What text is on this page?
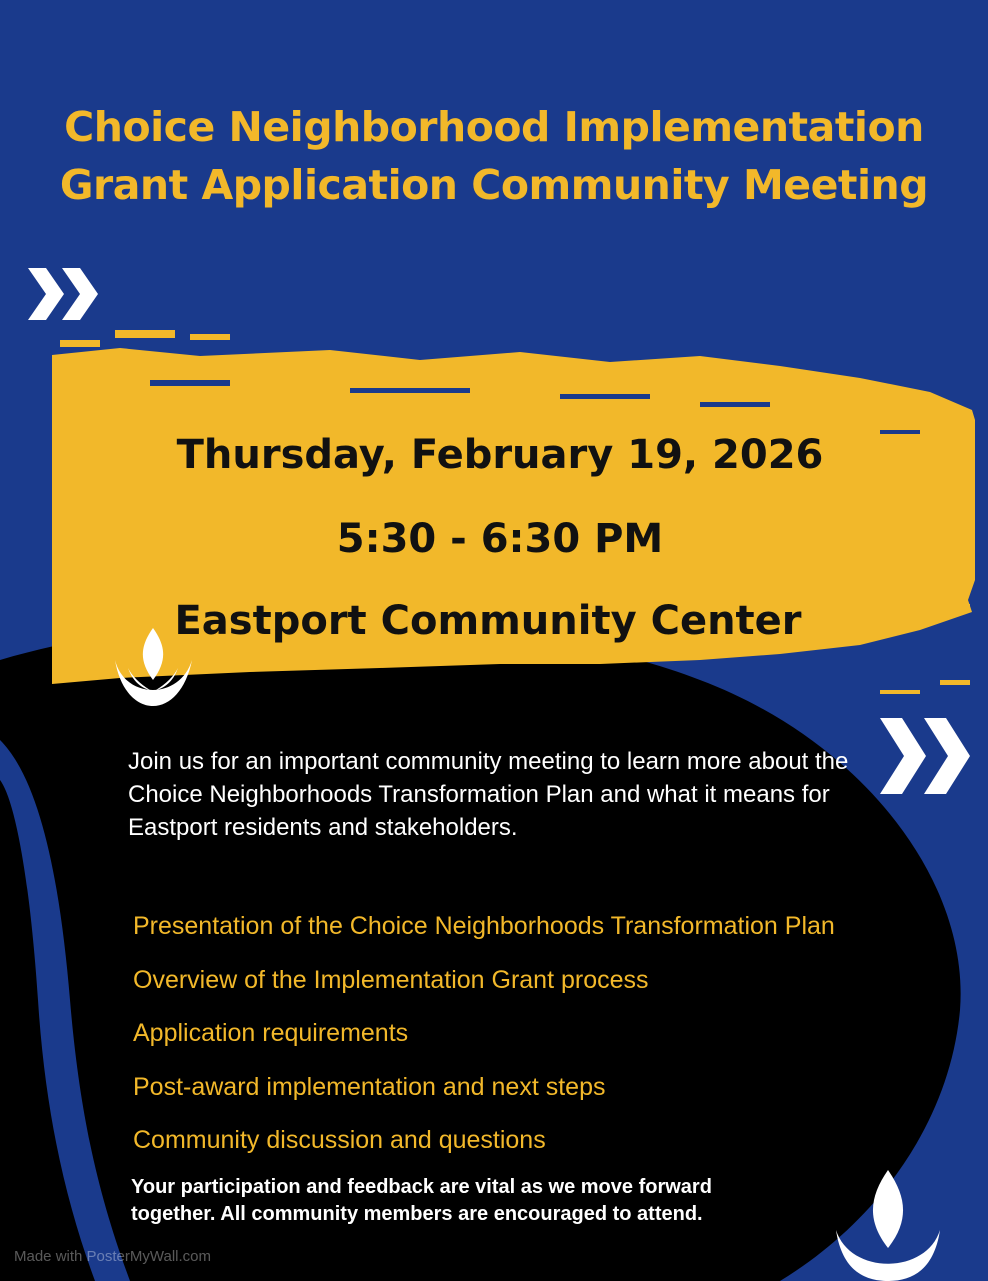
Choice Neighborhood Implementation
Grant Application Community Meeting
Thursday, February 19, 2026
5:30 - 6:30 PM
Eastport Community Center
Join us for an important community meeting to learn more about the Choice Neighborhoods Transformation Plan and what it means for Eastport residents and stakeholders.
Presentation of the Choice Neighborhoods Transformation Plan
Overview of the Implementation Grant process
Application requirements
Post-award implementation and next steps
Community discussion and questions
Your participation and feedback are vital as we move forward together. All community members are encouraged to attend.
Made with PosterMyWall.com
